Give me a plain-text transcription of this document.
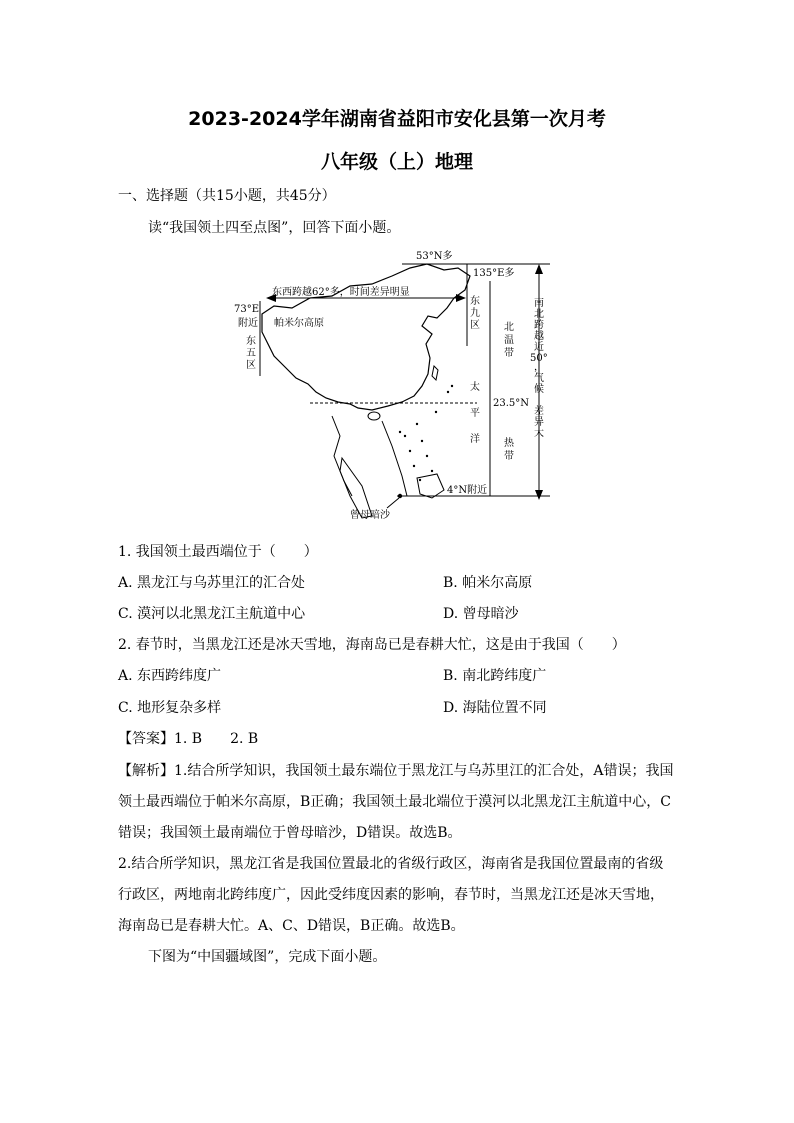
2023-2024学年湖南省益阳市安化县第一次月考
八年级（上）地理
一、选择题（共15小题，共45分）
读“我国领土四至点图”，回答下面小题。
53°N多
135°E多
73°E
附近
东西跨越62°多，时间差异明显
帕米尔高原
东
五
区
东
九
区 北
温
带
太
平
洋
23.5°N
热
带
4°N附近
曾母暗沙
南
北
跨
越
近
50°
，
气
候
差
异
大
1. 我国领土最西端位于（　　）
A. 黑龙江与乌苏里江的汇合处	B. 帕米尔高原
C. 漠河以北黑龙江主航道中心	D. 曾母暗沙
2. 春节时，当黑龙江还是冰天雪地，海南岛已是春耕大忙，这是由于我国（　　）
A. 东西跨纬度广	B. 南北跨纬度广
C. 地形复杂多样	D. 海陆位置不同
【答案】1. B　　2. B
【解析】1.结合所学知识，我国领土最东端位于黑龙江与乌苏里江的汇合处，A错误；我国
领土最西端位于帕米尔高原，B正确；我国领土最北端位于漠河以北黑龙江主航道中心，C
错误；我国领土最南端位于曾母暗沙，D错误。故选B。
2.结合所学知识，黑龙江省是我国位置最北的省级行政区，海南省是我国位置最南的省级
行政区，两地南北跨纬度广，因此受纬度因素的影响，春节时，当黑龙江还是冰天雪地，
海南岛已是春耕大忙。A、C、D错误，B正确。故选B。
下图为“中国疆域图”，完成下面小题。
